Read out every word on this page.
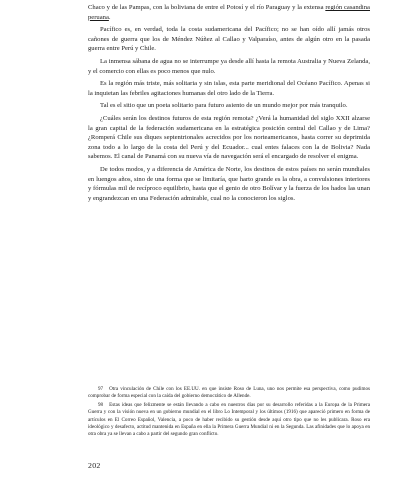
Chaco y de las Pampas, con la boliviana de entre el Potosí y el río Paraguay y la extensa región casandina peruana.

Pacífico es, en verdad, toda la costa sudamericana del Pacífico; no se han oído allí jamás otros cañones de guerra que los de Méndez Núñez al Callao y Valparaíso, antes de algún otro en la pasada guerra entre Perú y Chile.

La inmensa sábana de agua no se interrumpe ya desde allí hasta la remota Australia y Nueva Zelanda, y el comercio con ellas es poco menos que nulo.

Es la región más triste, más solitaria y sin islas, esta parte meridional del Océano Pacífico. Apenas si la inquietan las febriles agitaciones humanas del otro lado de la Tierra.

Tal es el sitio que un poeta solitario para futuro asiento de un mundo mejor por más tranquilo.

¿Cuáles serán los destinos futuros de esta región remota? ¿Verá la humanidad del siglo XXII alzarse la gran capital de la federación sudamericana en la estratégica posición central del Callao y de Lima? ¿Romperá Chile sus diques septentrionales acrecidos por los norteamericanos, hasta correr su deprimida zona todo a lo largo de la costa del Perú y del Ecuador... cual entes falaces con la de Bolivia? Nada sabemos. El canal de Panamá con su nueva vía de navegación será el encargado de resolver el enigma.

De todos modos, y a diferencia de América de Norte, los destinos de estos países no serán mundiales en luengos años, sino de una forma que se limitaría, que harto grande es la obra, a convulsiones interiores y fórmulas mil de recíproco equilibrio, hasta que el genio de otro Bolívar y la fuerza de los hados las unan y engrandezcan en una Federación admirable, cual no la conocieron los siglos.

97 Otra vinculación de Chile con los EE.UU. en que insiste Roso de Luna, uno nos permite esa perspectiva, como pudimos comprobar de forma especial con la caída del gobierno democrático de Allende.

98 Estas ideas que felizmente se están llevando a cabo en nuestros días por su desarrollo referidas a la Europa de la Primera Guerra y con la visión nueva en un gobierno mundial en el libro Lo Intemporal y los últimos (1916) que apareció primero en forma de artículos en El Correo Español, Valencia, a poco de haber recibido su gestión desde aquí otro tipo que no les publicara. Roso era ideológico y desafecto, actitud mantenida en España en ella la Primera Guerra Mundial ni en la Segunda. Las afinidades que lo apoya en otra obra ya se llevan a cabo a partir del segundo gran conflicto.

202
